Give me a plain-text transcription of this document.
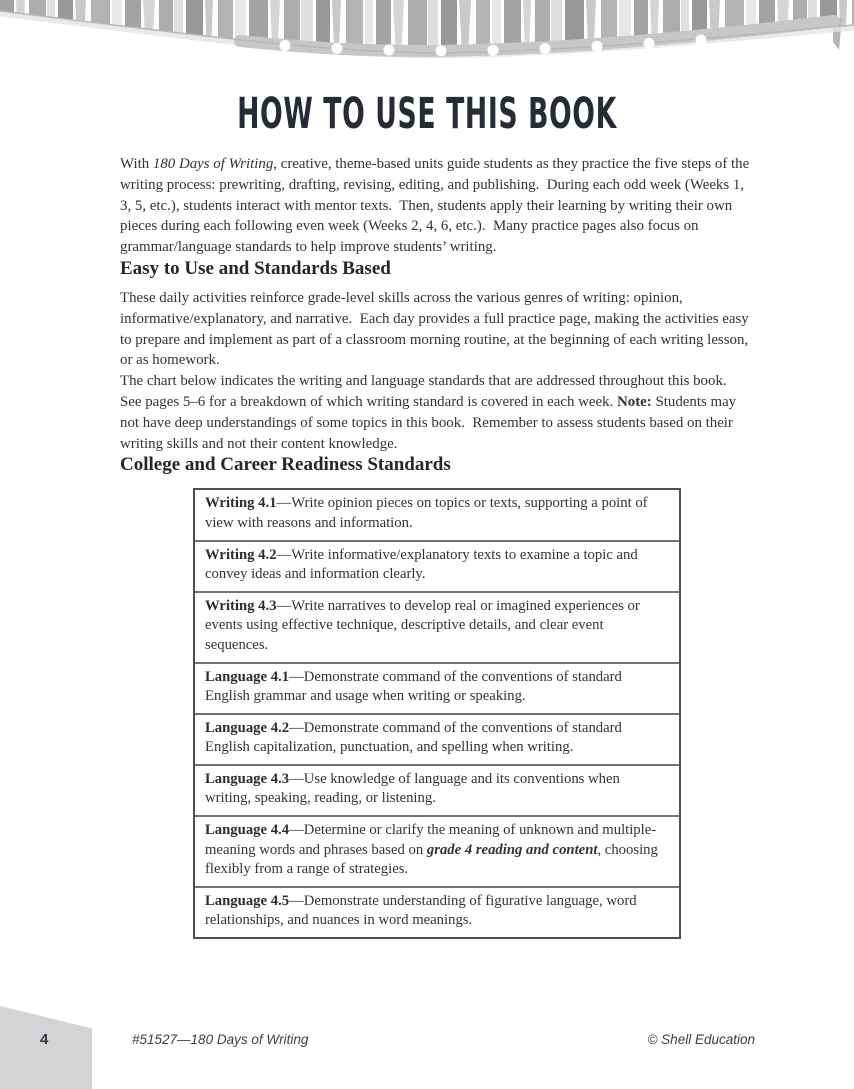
HOW TO USE THIS BOOK

With 180 Days of Writing, creative, theme-based units guide students as they practice the five steps of the writing process: prewriting, drafting, revising, editing, and publishing.  During each odd week (Weeks 1, 3, 5, etc.), students interact with mentor texts.  Then, students apply their learning by writing their own pieces during each following even week (Weeks 2, 4, 6, etc.).  Many practice pages also focus on grammar/language standards to help improve students’ writing.

Easy to Use and Standards Based

These daily activities reinforce grade-level skills across the various genres of writing: opinion, informative/explanatory, and narrative.  Each day provides a full practice page, making the activities easy to prepare and implement as part of a classroom morning routine, at the beginning of each writing lesson, or as homework.

The chart below indicates the writing and language standards that are addressed throughout this book.  See pages 5–6 for a breakdown of which writing standard is covered in each week. Note: Students may not have deep understandings of some topics in this book.  Remember to assess students based on their writing skills and not their content knowledge.

College and Career Readiness Standards
Writing 4.1—Write opinion pieces on topics or texts, supporting a point of view with reasons and information.
Writing 4.2—Write informative/explanatory texts to examine a topic and convey ideas and information clearly.
Writing 4.3—Write narratives to develop real or imagined experiences or events using effective technique, descriptive details, and clear event sequences.
Language 4.1—Demonstrate command of the conventions of standard English grammar and usage when writing or speaking.
Language 4.2—Demonstrate command of the conventions of standard English capitalization, punctuation, and spelling when writing.
Language 4.3—Use knowledge of language and its conventions when writing, speaking, reading, or listening.
Language 4.4—Determine or clarify the meaning of unknown and multiple-meaning words and phrases based on grade 4 reading and content, choosing flexibly from a range of strategies.
Language 4.5—Demonstrate understanding of figurative language, word relationships, and nuances in word meanings.
4	#51527—180 Days of Writing	© Shell Education
